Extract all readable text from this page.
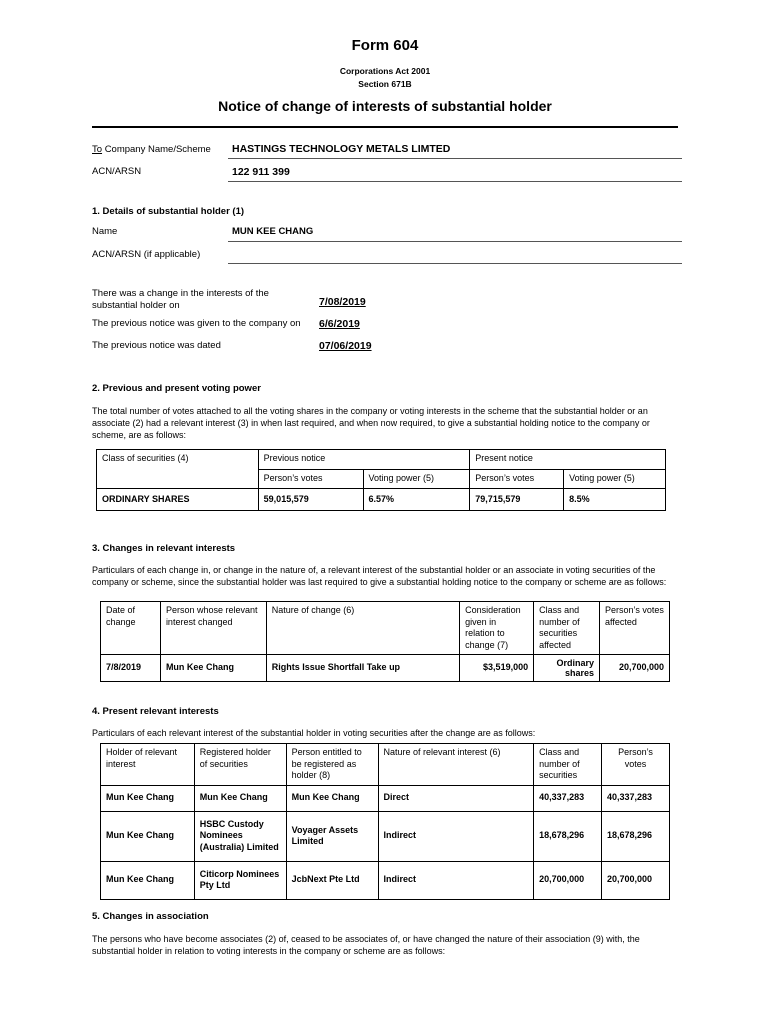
Form 604
Corporations Act 2001
Section 671B
Notice of change of interests of substantial holder
To Company Name/Scheme HASTINGS TECHNOLOGY METALS LIMTED
ACN/ARSN	122 911 399
1. Details of substantial holder (1)
Name	MUN KEE CHANG
ACN/ARSN (if applicable)
There was a change in the interests of the
substantial holder on	7/08/2019
The previous notice was given to the company on 6/6/2019
The previous notice was dated	07/06/2019
2. Previous and present voting power
The total number of votes attached to all the voting shares in the company or voting interests in the scheme that the substantial holder or an associate (2) had a relevant interest (3) in when last required, and when now required, to give a substantial holding notice to the company or scheme, are as follows:
Class of securities (4)	Previous notice		Present notice	
	Person’s votes	Voting power (5)	Person’s votes	Voting power (5)
ORDINARY SHARES	59,015,579	6.57%	79,715,579	8.5%
3. Changes in relevant interests
Particulars of each change in, or change in the nature of, a relevant interest of the substantial holder or an associate in voting securities of the company or scheme, since the substantial holder was last required to give a substantial holding notice to the company or scheme are as follows:
Date of change	Person whose relevant interest changed	Nature of change (6)	Consideration given in relation to change (7)	Class and number of securities affected	Person’s votes affected
7/8/2019	Mun Kee Chang	Rights Issue Shortfall Take up	$3,519,000	Ordinary shares	20,700,000
4. Present relevant interests
Particulars of each relevant interest of the substantial holder in voting securities after the change are as follows:
Holder of relevant interest	Registered holder of securities	Person entitled to be registered as holder (8)	Nature of relevant interest (6)	Class and number of securities	Person’s votes
Mun Kee Chang	Mun Kee Chang	Mun Kee Chang	Direct	40,337,283	40,337,283
Mun Kee Chang	HSBC Custody Nominees (Australia) Limited	Voyager Assets Limited	Indirect	18,678,296	18,678,296
Mun Kee Chang	Citicorp Nominees Pty Ltd	JcbNext Pte Ltd	Indirect	20,700,000	20,700,000
5. Changes in association
The persons who have become associates (2) of, ceased to be associates of, or have changed the nature of their association (9) with, the substantial holder in relation to voting interests in the company or scheme are as follows:
